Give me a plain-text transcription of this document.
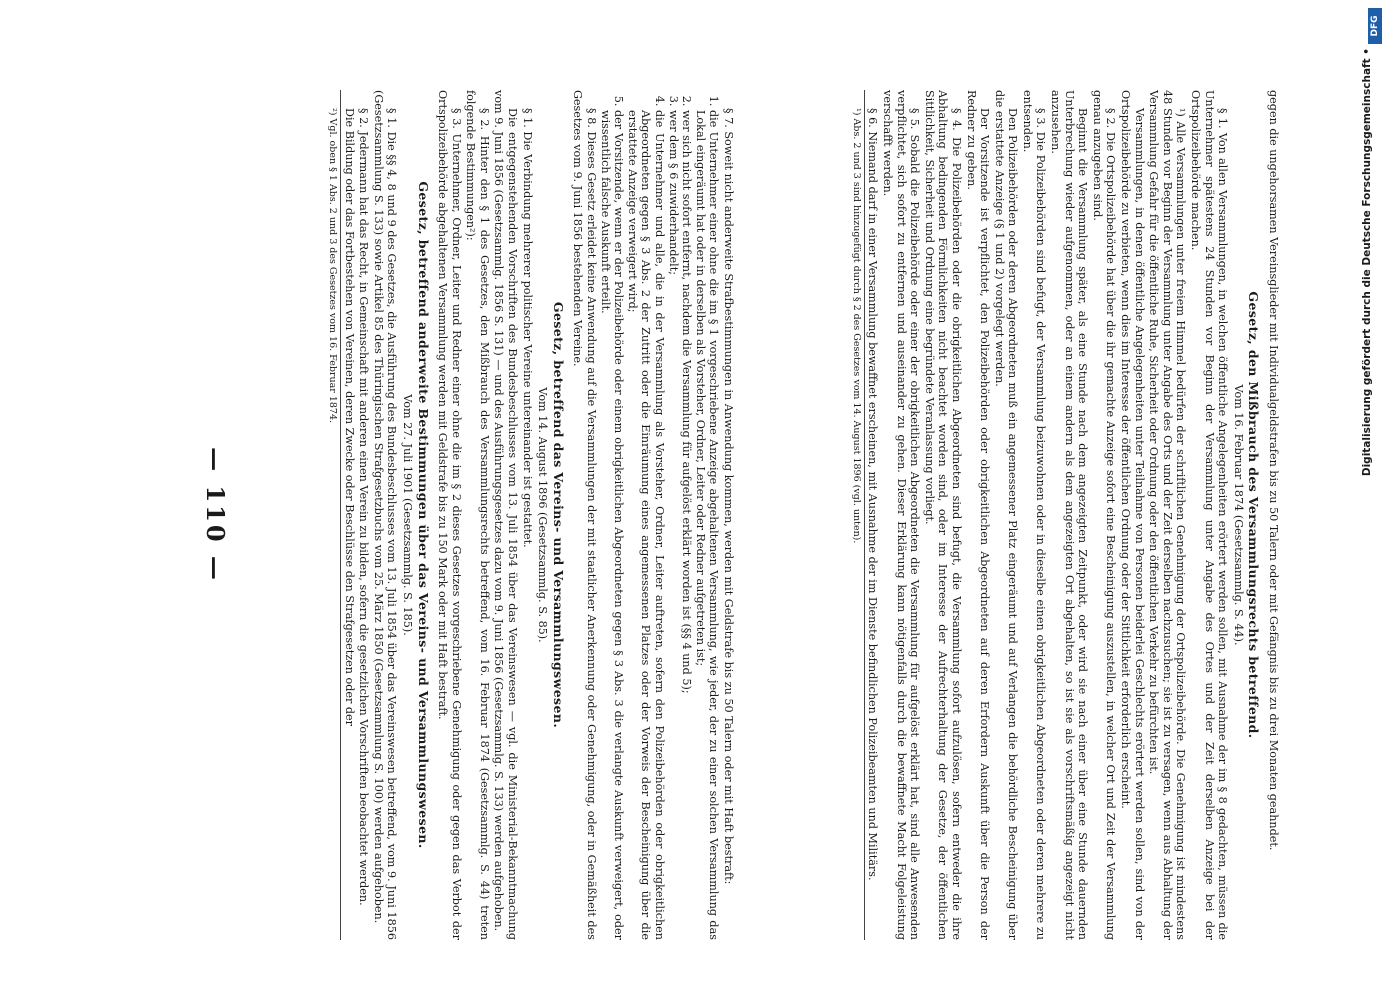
— 110 —	gegen die ungehorsamen Vereinsglieder mit Individualgeldstrafen bis zu 50 Talern oder mit Gefängnis bis zu drei Monaten geahndet.

Gesetz, den Mißbrauch des Versammlungsrechts betreffend.

Vom 16. Februar 1874 (Gesetzsammlg. S. 44).

§ 1. Von allen Versammlungen, in welchen öffentliche Angelegenheiten erörtert werden sollen, mit Ausnahme der im § 8 gedachten, müssen die Unternehmer spätestens 24 Stunden vor Beginn der Versammlung unter Angabe des Ortes und der Zeit derselben Anzeige bei der Ortspolizeibehörde machen.

¹) Alle Versammlungen unter freiem Himmel bedürfen der schriftlichen Genehmigung der Ortspolizeibehörde. Die Genehmigung ist mindestens 48 Stunden vor Beginn der Versammlung unter Angabe des Orts und der Zeit derselben nachzusuchen; sie ist zu versagen, wenn aus Abhaltung der Versammlung Gefahr für die öffentliche Ruhe, Sicherheit oder Ordnung oder den öffentlichen Verkehr zu befürchten ist.

Versammlungen, in denen öffentliche Angelegenheiten unter Teilnahme von Personen beiderlei Geschlechts erörtert werden sollen, sind von der Ortspolizeibehörde zu verbieten, wenn dies im Interesse der öffentlichen Ordnung oder der Sittlichkeit erforderlich erscheint.

§ 2. Die Ortspolizeibehörde hat über die ihr gemachte Anzeige sofort eine Bescheinigung auszustellen, in welcher Ort und Zeit der Versammlung genau anzugeben sind.

Beginnt die Versammlung später, als eine Stunde nach dem angezeigten Zeitpunkt, oder wird sie nach einer über eine Stunde dauernden Unterbrechung wieder aufgenommen, oder an einem andern als dem angezeigten Ort abgehalten, so ist sie als vorschriftsmäßig angezeigt nicht anzusehen.

§ 3. Die Polizeibehörden sind befugt, der Versammlung beizuwohnen oder in dieselbe einen obrigkeitlichen Abgeordneten oder deren mehrere zu entsenden.

Den Polizeibehörden oder deren Abgeordneten muß ein angemessener Platz eingeräumt und auf Verlangen die behördliche Bescheinigung über die erstattete Anzeige (§ 1 und 2) vorgelegt werden.

Der Vorsitzende ist verpflichtet, den Polizeibehörden oder obrigkeitlichen Abgeordneten auf deren Erfordern Auskunft über die Person der Redner zu geben.

§ 4. Die Polizeibehörden oder die obrigkeitlichen Abgeordneten sind befugt, die Versammlung sofort aufzulösen, sofern entweder die ihre Abhaltung bedingenden Förmlichkeiten nicht beachtet worden sind, oder im Interesse der Aufrechterhaltung der Gesetze, der öffentlichen Sittlichkeit, Sicherheit und Ordnung eine begründete Veranlassung vorliegt.

§ 5. Sobald die Polizeibehörde oder einer der obrigkeitlichen Abgeordneten die Versammlung für aufgelöst erklärt hat, sind alle Anwesenden verpflichtet, sich sofort zu entfernen und auseinander zu gehen. Dieser Erklärung kann nötigenfalls durch die bewaffnete Macht Folgeleistung verschafft werden.

§ 6. Niemand darf in einer Versammlung bewaffnet erscheinen, mit Ausnahme der im Dienste befindlichen Polizeibeamten und Militärs.

¹) Abs. 2 und 3 sind hinzugefügt durch § 2 des Gesetzes vom 14. August 1896 (vgl. unten).

§ 7. Soweit nicht anderweite Strafbestimmungen in Anwendung kommen, werden mit Geldstrafe bis zu 50 Talern oder mit Haft bestraft:

1. die Unternehmer einer ohne die im § 1 vorgeschriebene Anzeige abgehaltenen Versammlung, wie jeder, der zu einer solchen Versammlung das Lokal eingeräumt hat oder in derselben als Vorsteher, Ordner, Leiter oder Redner aufgetreten ist;
2. wer sich nicht sofort entfernt, nachdem die Versammlung für aufgelöst erklärt worden ist (§§ 4 und 5);
3. wer dem § 6 zuwiderhandelt;
4. die Unternehmer und alle, die in der Versammlung als Vorsteher, Ordner, Leiter auftreten, sofern den Polizeibehörden oder obrigkeitlichen Abgeordneten gegen § 3 Abs. 2 der Zutritt oder die Einräumung eines angemessenen Platzes oder der Vorweis der Bescheinigung über die erstattete Anzeige verweigert wird;
5. der Vorsitzende, wenn er der Polizeibehörde oder einem obrigkeitlichen Abgeordneten gegen § 3 Abs. 3 die verlangte Auskunft verweigert, oder wissentlich falsche Auskunft erteilt.

§ 8. Dieses Gesetz erleidet keine Anwendung auf die Versammlungen der mit staatlicher Anerkennung oder Genehmigung, oder in Gemäßheit des Gesetzes vom 9. Juni 1856 bestehenden Vereine.

Gesetz, betreffend das Vereins- und Versammlungswesen.

Vom 14. August 1896 (Gesetzsammlg. S. 85).

§ 1. Die Verbindung mehrerer politischer Vereine untereinander ist gestattet.

Die entgegenstehenden Vorschriften des Bundesbeschlusses vom 13. Juli 1854 über das Vereinswesen — vgl. die Ministerial-Bekanntmachung vom 9. Juni 1856 (Gesetzsammlg. 1856 S. 131) — und des Ausführungsgesetzes dazu vom 9. Juni 1856 (Gesetzsammlg. S. 133) werden aufgehoben.

§ 2. Hinter den § 1 des Gesetzes, den Mißbrauch des Versammlungsrechts betreffend, vom 16. Februar 1874 (Gesetzsammlg. S. 44) treten folgende Bestimmungen²):

§ 3. Unternehmer, Ordner, Leiter und Redner einer ohne die im § 2 dieses Gesetzes vorgeschriebene Genehmigung oder gegen das Verbot der Ortspolizeibehörde abgehaltenen Versammlung werden mit Geldstrafe bis zu 150 Mark oder mit Haft bestraft.

Gesetz, betreffend anderweite Bestimmungen über das Vereins- und Versammlungswesen.

Vom 27. Juli 1901 (Gesetzsammlg. S. 185).

§ 1. Die §§ 4, 8 und 9 des Gesetzes, die Ausführung des Bundesbeschlusses vom 13. Juli 1854 über das Vereinswesen betreffend, vom 9. Juni 1856 (Gesetzsammlung S. 133) sowie Artikel 85 des Thüringischen Strafgesetzbuchs vom 25. März 1850 (Gesetzsammlung S. 100) werden aufgehoben.

§ 2. Jedermann hat das Recht, in Gemeinschaft mit anderen einen Verein zu bilden, sofern die gesetzlichen Vorschriften beobachtet werden.

Die Bildung oder das Fortbestehen von Vereinen, deren Zwecke oder Beschlüsse den Strafgesetzen oder der

²) Vgl. oben § 1 Abs. 2 und 3 des Gesetzes vom 16. Februar 1874.	Digitalisierung gefördert durch die Deutsche Forschungsgemeinschaft •
DFG
